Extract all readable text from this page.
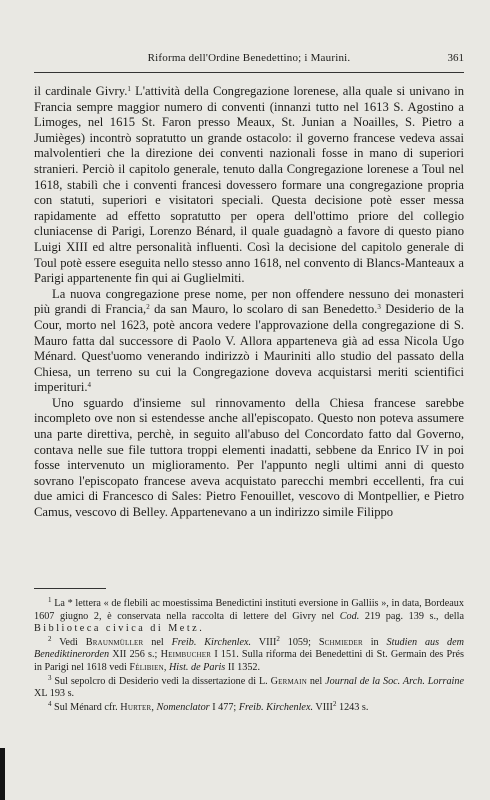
Riforma dell'Ordine Benedettino; i Maurini.	361

il cardinale Givry.$^1$ L'attività della Congregazione lorenese, alla quale si univano in Francia sempre maggior numero di conventi (innanzi tutto nel 1613 S. Agostino a Limoges, nel 1615 St. Faron presso Meaux, St. Junian a Noailles, S. Pietro a Jumièges) incontrò sopratutto un grande ostacolo: il governo francese vedeva assai malvolentieri che la direzione dei conventi nazionali fosse in mano di superiori stranieri. Perciò il capitolo generale, tenuto dalla Congregazione lorenese a Toul nel 1618, stabilì che i conventi francesi dovessero formare una congregazione propria con statuti, superiori e visitatori speciali. Questa decisione potè esser messa rapidamente ad effetto sopratutto per opera dell'ottimo priore del collegio cluniacense di Parigi, Lorenzo Bénard, il quale guadagnò a favore di questo piano Luigi XIII ed altre personalità influenti. Così la decisione del capitolo generale di Toul potè essere eseguita nello stesso anno 1618, nel convento di Blancs-Manteaux a Parigi appartenente fin qui ai Guglielmiti.

La nuova congregazione prese nome, per non offendere nessuno dei monasteri più grandi di Francia,$^2$ da san Mauro, lo scolaro di san Benedetto.$^3$ Desiderio de la Cour, morto nel 1623, potè ancora vedere l'approvazione della congregazione di S. Mauro fatta dal successore di Paolo V. Allora apparteneva già ad essa Nicola Ugo Ménard. Quest'uomo venerando indirizzò i Mauriniti allo studio del passato della Chiesa, un terreno su cui la Congregazione doveva acquistarsi meriti scientifici imperituri.$^4$

Uno sguardo d'insieme sul rinnovamento della Chiesa francese sarebbe incompleto ove non si estendesse anche all'episcopato. Questo non poteva assumere una parte direttiva, perchè, in seguito all'abuso del Concordato fatto dal Governo, contava nelle sue file tuttora troppi elementi inadatti, sebbene da Enrico IV in poi fosse intervenuto un miglioramento. Per l'appunto negli ultimi anni di questo sovrano l'episcopato francese aveva acquistato parecchi membri eccellenti, fra cui due amici di Francesco di Sales: Pietro Fenouillet, vescovo di Montpellier, e Pietro Camus, vescovo di Belley. Appartenevano a un indirizzo simile Filippo

$^1$ La * lettera « de flebili ac moestissima Benedictini instituti eversione in Galliis », in data, Bordeaux 1607 giugno 2, è conservata nella raccolta di lettere del Givry nel Cod. 219 pag. 139 s., della Biblioteca civica di Metz.

$^2$ Vedi Braunmüller nel Freib. Kirchenlex. VIII$^2$ 1059; Schmieder in Studien aus dem Benediktinerorden XII 256 s.; Heimbucher I 151. Sulla riforma dei Benedettini di St. Germain des Prés in Parigi nel 1618 vedi Félibien, Hist. de Paris II 1352.

$^3$ Sul sepolcro di Desiderio vedi la dissertazione di L. Germain nel Journal de la Soc. Arch. Lorraine XL 193 s.

$^4$ Sul Ménard cfr. Hurter, Nomenclator I 477; Freib. Kirchenlex. VIII$^2$ 1243 s.
